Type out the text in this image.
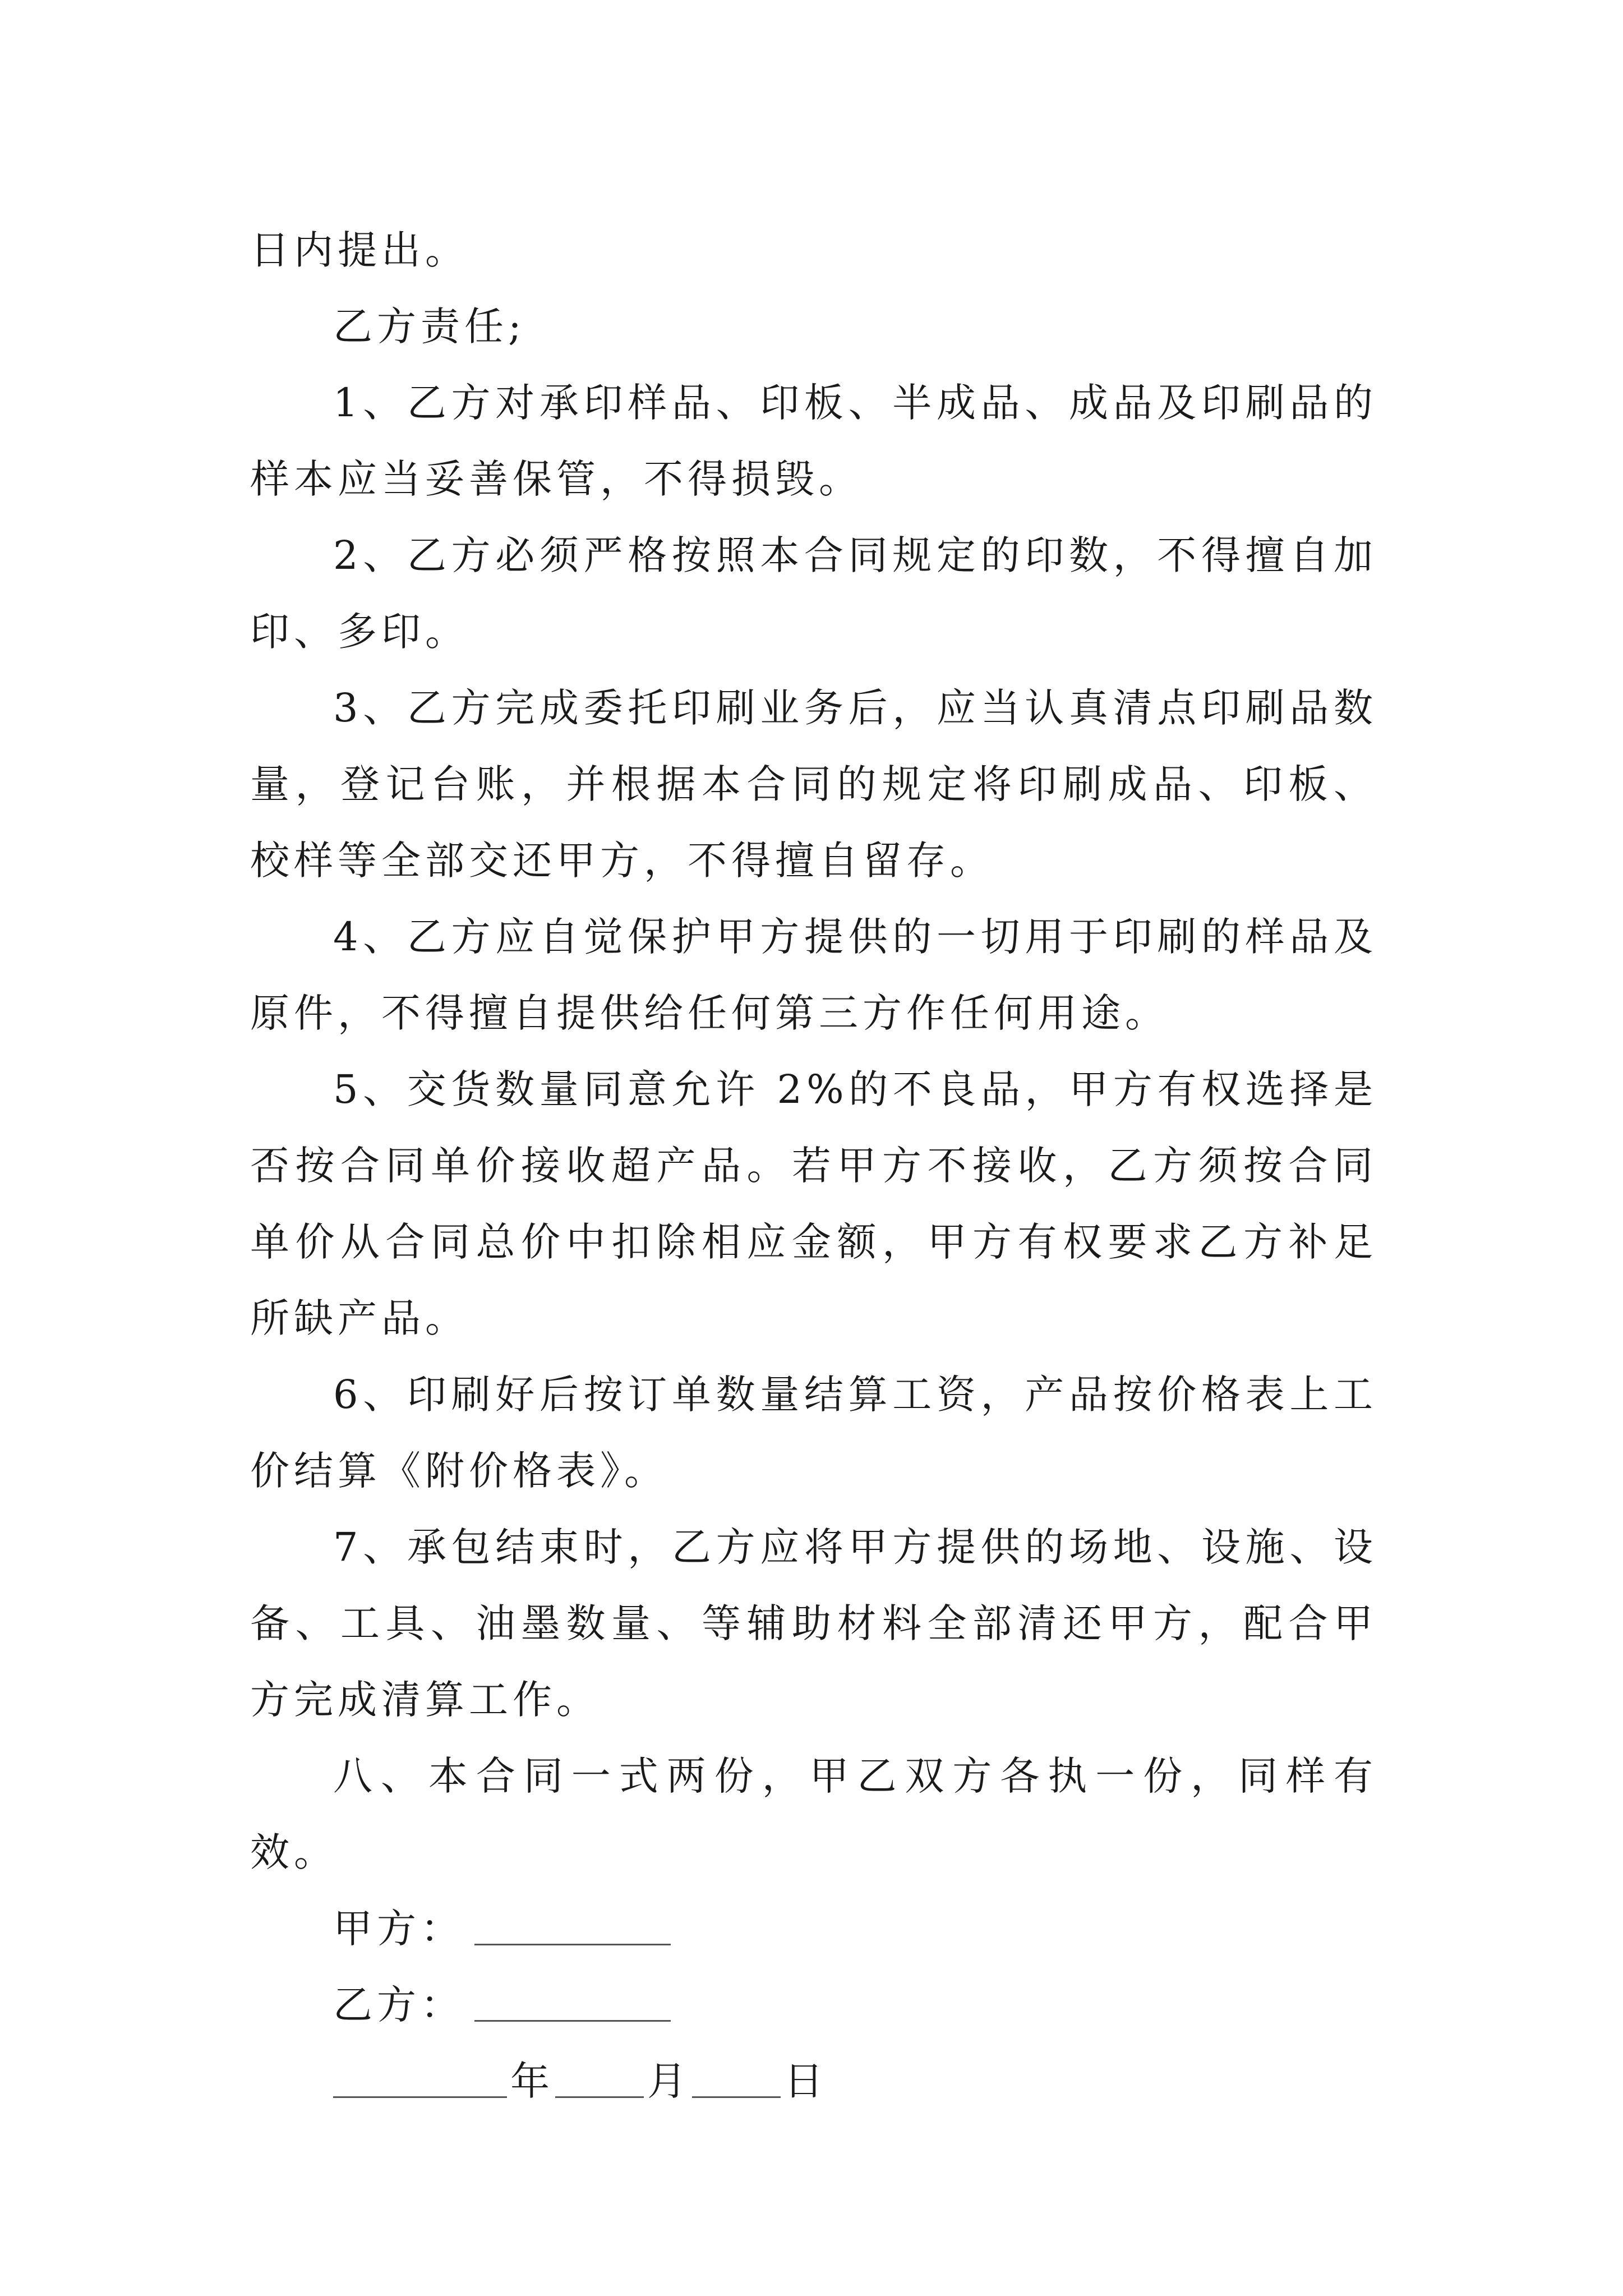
日内提出。

乙方责任;

1、乙方对承印样品、印板、半成品、成品及印刷品的样本应当妥善保管，不得损毁。

2、乙方必须严格按照本合同规定的印数，不得擅自加印、多印。

3、乙方完成委托印刷业务后，应当认真清点印刷品数量，登记台账，并根据本合同的规定将印刷成品、印板、校样等全部交还甲方，不得擅自留存。

4、乙方应自觉保护甲方提供的一切用于印刷的样品及原件，不得擅自提供给任何第三方作任何用途。

5、交货数量同意允许 2%的不良品，甲方有权选择是否按合同单价接收超产品。若甲方不接收，乙方须按合同单价从合同总价中扣除相应金额，甲方有权要求乙方补足所缺产品。

6、印刷好后按订单数量结算工资，产品按价格表上工价结算《附价格表》。

7、承包结束时，乙方应将甲方提供的场地、设施、设备、工具、油墨数量、等辅助材料全部清还甲方，配合甲方完成清算工作。

八、本合同一式两份，甲乙双方各执一份，同样有效。

甲方：
乙方：
年 月 日
